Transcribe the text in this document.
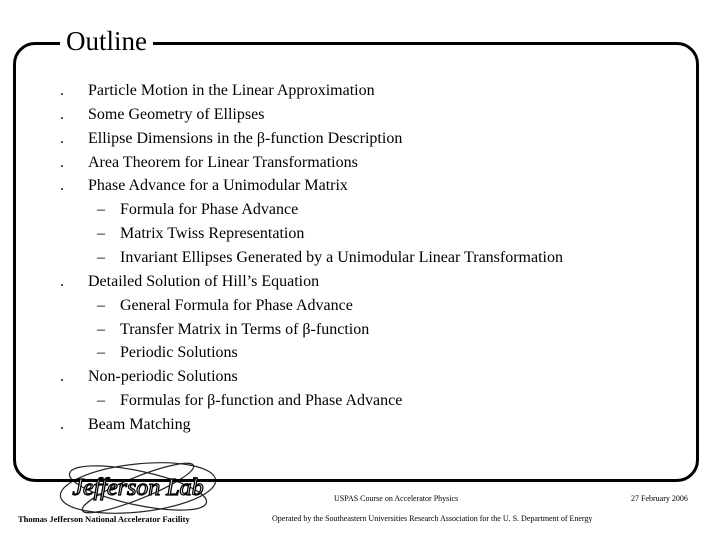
Outline
.	Particle Motion in the Linear Approximation
.	Some Geometry of Ellipses
.	Ellipse Dimensions in the β-function Description
.	Area Theorem for Linear Transformations
.	Phase Advance for a Unimodular Matrix
– Formula for Phase Advance
– Matrix Twiss Representation
– Invariant Ellipses Generated by a Unimodular Linear Transformation
.	Detailed Solution of Hill’s Equation
– General Formula for Phase Advance
– Transfer Matrix in Terms of β-function
– Periodic Solutions
.	Non-periodic Solutions
– Formulas for β-function and Phase Advance
.	Beam Matching
Jefferson Lab
Thomas Jefferson National Accelerator Facility
USPAS Course on Accelerator Physics	27 February 2006
Operated by the Southeastern Universities Research Association for the U. S. Department of Energy
